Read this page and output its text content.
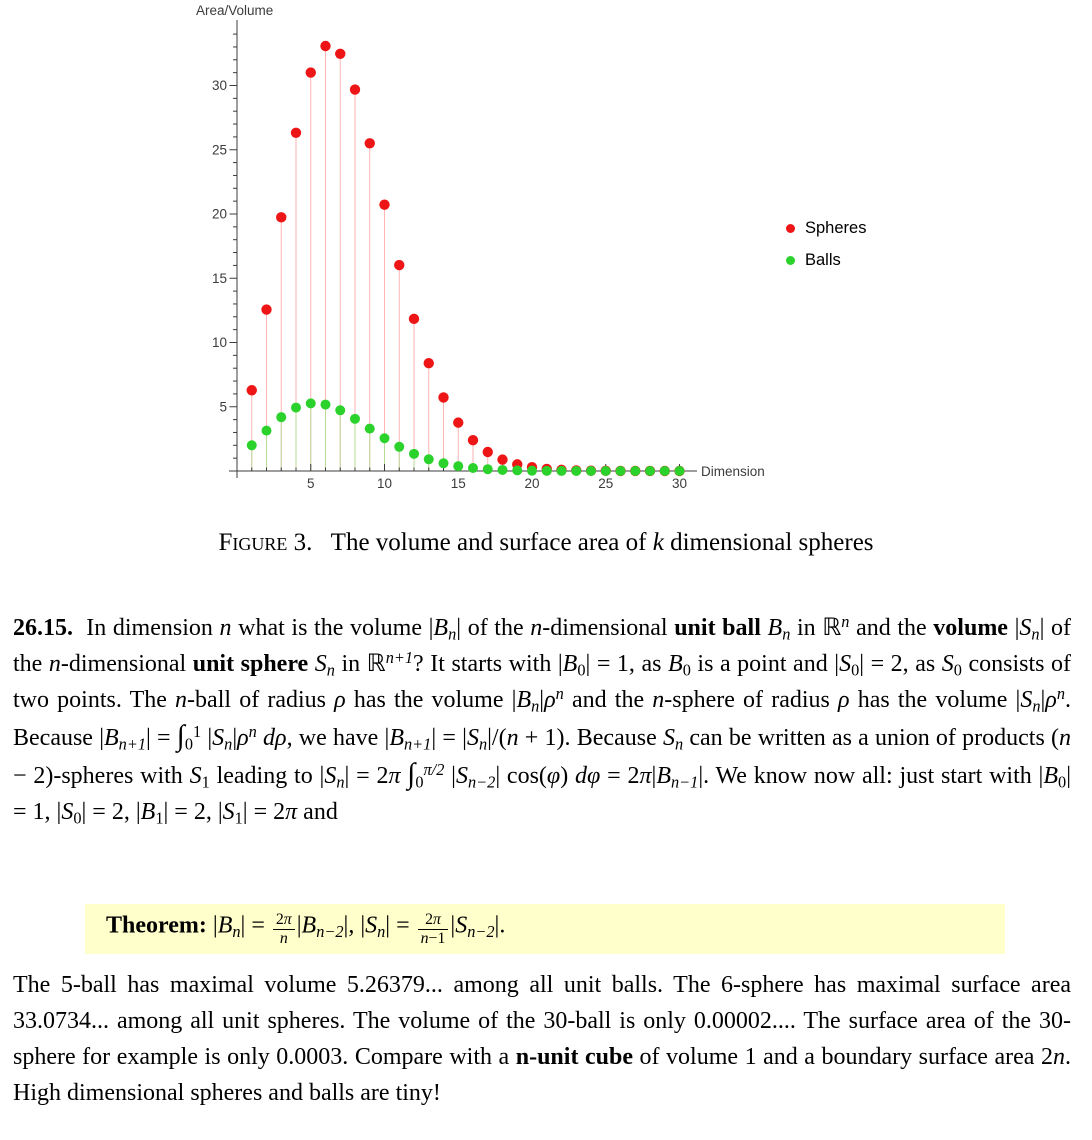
5
10
15
20
25
30
5	10	15	20	25	30
Area/Volume
Dimension
Spheres
Balls
Figure 3.  The volume and surface area of k dimensional spheres
26.15.  In dimension n what is the volume $|B_n|$ of the n-dimensional unit ball $B_n$ in ℝ$^n$ and the volume $|S_n|$ of the n-dimensional unit sphere $S_n$ in ℝ$^{n+1}$? It starts with $|B_0| = 1$, as $B_0$ is a point and $|S_0| = 2$, as $S_0$ consists of two points. The n-ball of radius ρ has the volume $|B_n|\rho^n$ and the n-sphere of radius ρ has the volume $|S_n|\rho^n$. Because $|B_{n+1}| = \int_0^1$ $|S_n|\rho^n$ dρ, we have $|B_{n+1}| = |S_n|/(n + 1)$. Because $S_n$ can be written as a union of products (n − 2)-spheres with $S_1$ leading to $|S_n| = 2\pi$ $\int_0^{\pi/2}$ $|S_{n-2}|$ cos(φ) $d\varphi = 2\pi|B_{n-1}|$. We know now all: just start with $|B_0| = 1$, $|S_0| = 2$, $|B_1| = 2$, $|S_1| = 2\pi$ and
Theorem: $|B_n| = \frac{2\pi}{n} |B_{n-2}|$, $|S_n| = \frac{2\pi}{n-1} |S_{n-2}|$.
The 5-ball has maximal volume 5.26379... among all unit balls. The 6-sphere has maximal surface area 33.0734... among all unit spheres. The volume of the 30-ball is only 0.00002.... The surface area of the 30-sphere for example is only 0.0003. Compare with a n-unit cube of volume 1 and a boundary surface area 2n. High dimensional spheres and balls are tiny!
